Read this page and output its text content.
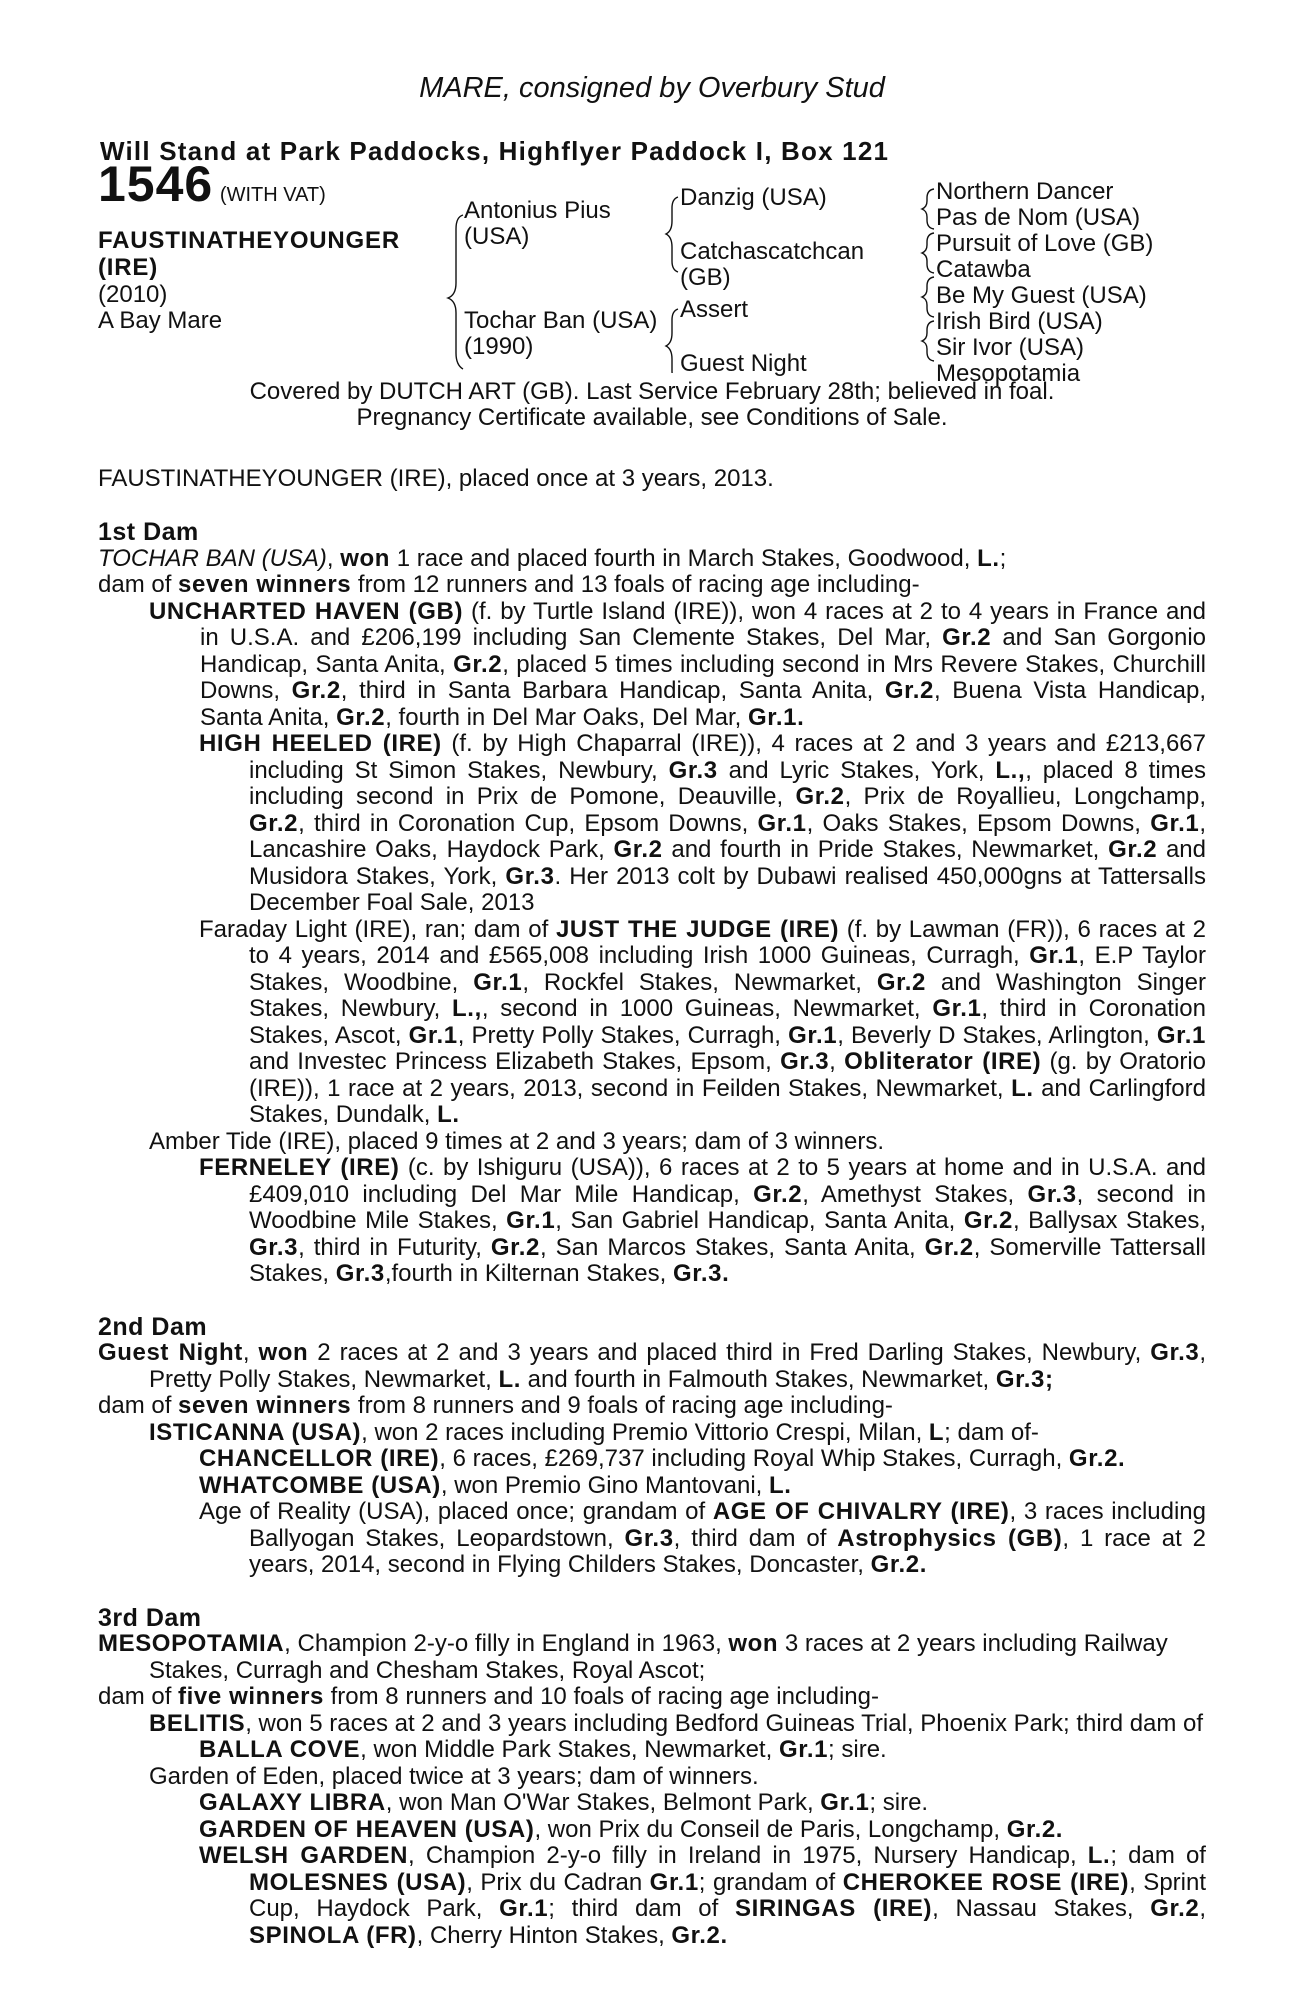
MARE, consigned by Overbury Stud
Will Stand at Park Paddocks, Highflyer Paddock I, Box 121
1546 (WITH VAT)
FAUSTINATHEYOUNGER
(IRE)
(2010)
A Bay Mare
Antonius Pius
(USA)
Tochar Ban (USA)
(1990)
Danzig (USA)
Catchascatchcan
(GB)
Assert
Guest Night
Northern Dancer
Pas de Nom (USA)
Pursuit of Love (GB)
Catawba
Be My Guest (USA)
Irish Bird (USA)
Sir Ivor (USA)
Mesopotamia
Covered by DUTCH ART (GB). Last Service February 28th; believed in foal.
Pregnancy Certificate available, see Conditions of Sale.

FAUSTINATHEYOUNGER (IRE), placed once at 3 years, 2013.

1st Dam

TOCHAR BAN (USA), won 1 race and placed fourth in March Stakes, Goodwood, L.;

dam of seven winners from 12 runners and 13 foals of racing age including-

UNCHARTED HAVEN (GB) (f. by Turtle Island (IRE)), won 4 races at 2 to 4 years in France and in U.S.A. and £206,199 including San Clemente Stakes, Del Mar, Gr.2 and San Gorgonio Handicap, Santa Anita, Gr.2, placed 5 times including second in Mrs Revere Stakes, Churchill Downs, Gr.2, third in Santa Barbara Handicap, Santa Anita, Gr.2, Buena Vista Handicap, Santa Anita, Gr.2, fourth in Del Mar Oaks, Del Mar, Gr.1.

HIGH HEELED (IRE) (f. by High Chaparral (IRE)), 4 races at 2 and 3 years and £213,667 including St Simon Stakes, Newbury, Gr.3 and Lyric Stakes, York, L.,, placed 8 times including second in Prix de Pomone, Deauville, Gr.2, Prix de Royallieu, Longchamp, Gr.2, third in Coronation Cup, Epsom Downs, Gr.1, Oaks Stakes, Epsom Downs, Gr.1, Lancashire Oaks, Haydock Park, Gr.2 and fourth in Pride Stakes, Newmarket, Gr.2 and Musidora Stakes, York, Gr.3. Her 2013 colt by Dubawi realised 450,000gns at Tattersalls December Foal Sale, 2013

Faraday Light (IRE), ran; dam of JUST THE JUDGE (IRE) (f. by Lawman (FR)), 6 races at 2 to 4 years, 2014 and £565,008 including Irish 1000 Guineas, Curragh, Gr.1, E.P Taylor Stakes, Woodbine, Gr.1, Rockfel Stakes, Newmarket, Gr.2 and Washington Singer Stakes, Newbury, L.,, second in 1000 Guineas, Newmarket, Gr.1, third in Coronation Stakes, Ascot, Gr.1, Pretty Polly Stakes, Curragh, Gr.1, Beverly D Stakes, Arlington, Gr.1 and Investec Princess Elizabeth Stakes, Epsom, Gr.3, Obliterator (IRE) (g. by Oratorio (IRE)), 1 race at 2 years, 2013, second in Feilden Stakes, Newmarket, L. and Carlingford Stakes, Dundalk, L.

Amber Tide (IRE), placed 9 times at 2 and 3 years; dam of 3 winners.

FERNELEY (IRE) (c. by Ishiguru (USA)), 6 races at 2 to 5 years at home and in U.S.A. and £409,010 including Del Mar Mile Handicap, Gr.2, Amethyst Stakes, Gr.3, second in Woodbine Mile Stakes, Gr.1, San Gabriel Handicap, Santa Anita, Gr.2, Ballysax Stakes, Gr.3, third in Futurity, Gr.2, San Marcos Stakes, Santa Anita, Gr.2, Somerville Tattersall Stakes, Gr.3,fourth in Kilternan Stakes, Gr.3.

2nd Dam

Guest Night, won 2 races at 2 and 3 years and placed third in Fred Darling Stakes, Newbury, Gr.3, Pretty Polly Stakes, Newmarket, L. and fourth in Falmouth Stakes, Newmarket, Gr.3;

dam of seven winners from 8 runners and 9 foals of racing age including-

ISTICANNA (USA), won 2 races including Premio Vittorio Crespi, Milan, L; dam of-

CHANCELLOR (IRE), 6 races, £269,737 including Royal Whip Stakes, Curragh, Gr.2.

WHATCOMBE (USA), won Premio Gino Mantovani, L.

Age of Reality (USA), placed once; grandam of AGE OF CHIVALRY (IRE), 3 races including Ballyogan Stakes, Leopardstown, Gr.3, third dam of Astrophysics (GB), 1 race at 2 years, 2014, second in Flying Childers Stakes, Doncaster, Gr.2.

3rd Dam

MESOPOTAMIA, Champion 2-y-o filly in England in 1963, won 3 races at 2 years including Railway Stakes, Curragh and Chesham Stakes, Royal Ascot;

dam of five winners from 8 runners and 10 foals of racing age including-

BELITIS, won 5 races at 2 and 3 years including Bedford Guineas Trial, Phoenix Park; third dam of BALLA COVE, won Middle Park Stakes, Newmarket, Gr.1; sire.

Garden of Eden, placed twice at 3 years; dam of winners.

GALAXY LIBRA, won Man O'War Stakes, Belmont Park, Gr.1; sire.

GARDEN OF HEAVEN (USA), won Prix du Conseil de Paris, Longchamp, Gr.2.

WELSH GARDEN, Champion 2-y-o filly in Ireland in 1975, Nursery Handicap, L.; dam of MOLESNES (USA), Prix du Cadran Gr.1; grandam of CHEROKEE ROSE (IRE), Sprint Cup, Haydock Park, Gr.1; third dam of SIRINGAS (IRE), Nassau Stakes, Gr.2, SPINOLA (FR), Cherry Hinton Stakes, Gr.2.
